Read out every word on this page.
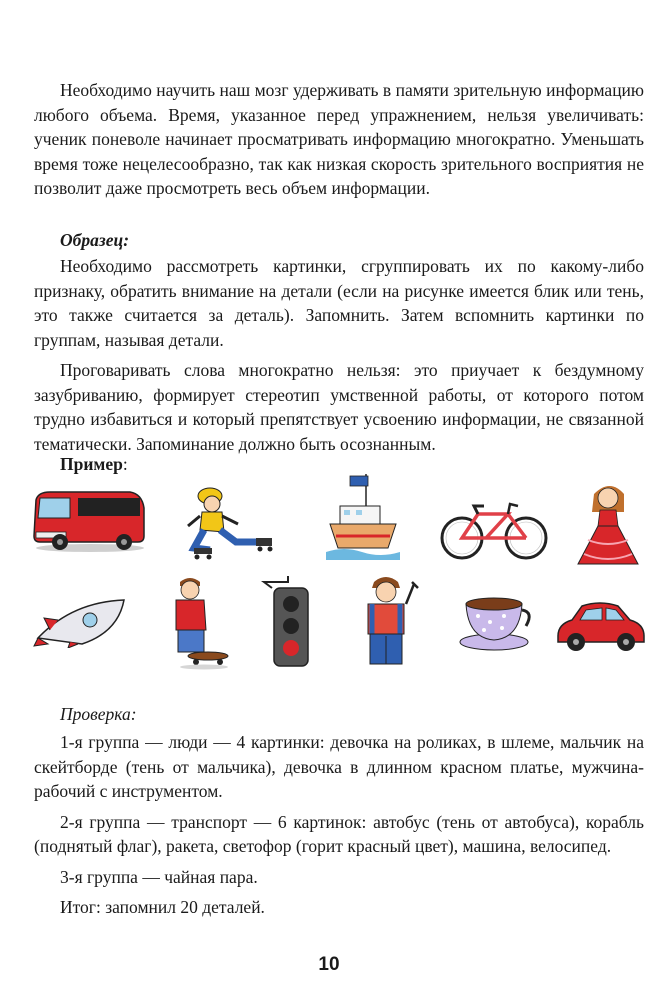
Необходимо научить наш мозг удерживать в памяти зрительную информацию любого объема. Время, указанное перед упражнением, нельзя увеличивать: ученик поневоле начинает просматривать информацию многократно. Уменьшать время тоже нецелесообразно, так как низкая скорость зрительного восприятия не позволит даже просмотреть весь объем информации.

Образец:

Необходимо рассмотреть картинки, сгруппировать их по какому-либо признаку, обратить внимание на детали (если на рисунке имеется блик или тень, это также считается за деталь). Запомнить. Затем вспомнить картинки по группам, называя детали.

Проговаривать слова многократно нельзя: это приучает к бездумному зазубриванию, формирует стереотип умственной работы, от которого потом трудно избавиться и который препятствует усвоению информации, не связанной тематически. Запоминание должно быть осознанным.

Пример:

Проверка:

1-я группа — люди — 4 картинки: девочка на роликах, в шлеме, мальчик на скейтборде (тень от мальчика), девочка в длинном красном платье, мужчина-рабочий с инструментом.

2-я группа — транспорт — 6 картинок: автобус (тень от автобуса), корабль (поднятый флаг), ракета, светофор (горит красный цвет), машина, велосипед.

3-я группа — чайная пара.

Итог: запомнил 20 деталей.

10
